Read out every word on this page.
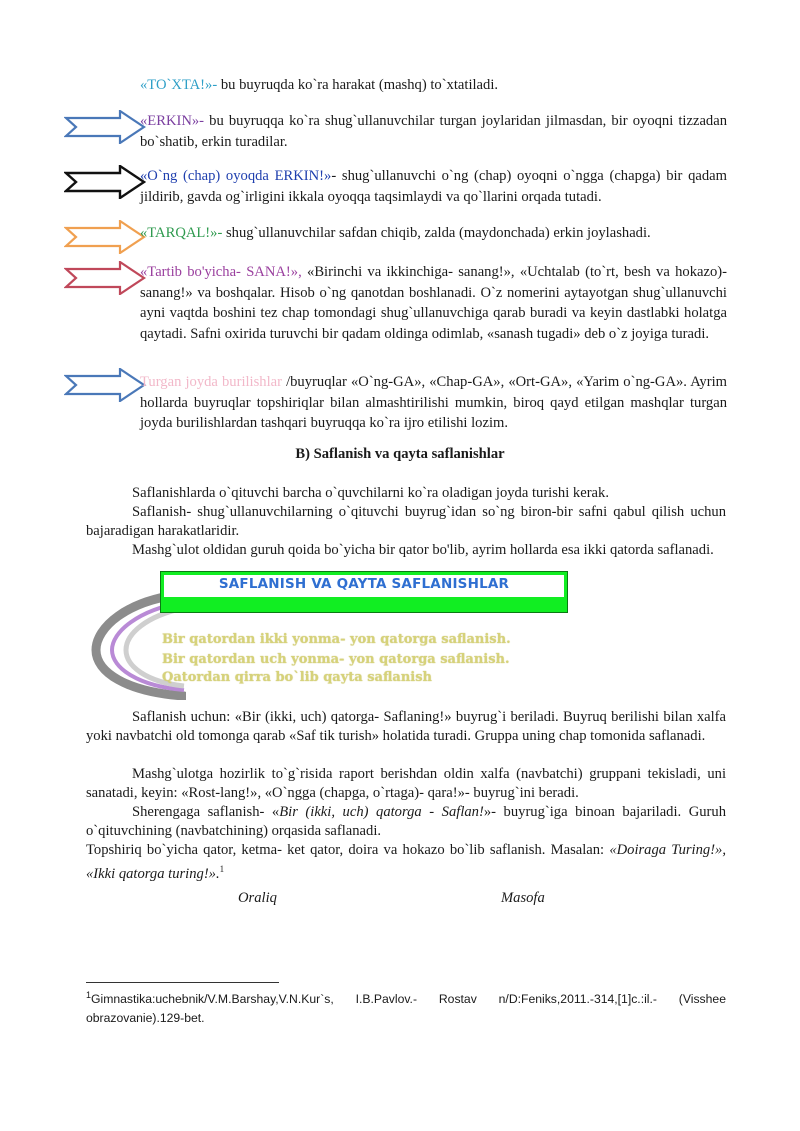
«TO`XTA!»- bu buyruqda ko`ra harakat (mashq) to`xtatiladi.
«ERKIN»- bu buyruqqa ko`ra shug`ullanuvchilar turgan joylaridan jilmasdan, bir oyoqni tizzadan bo`shatib, erkin turadilar.
«O`ng (chap) oyoqda ERKIN!»- shug`ullanuvchi o`ng (chap) oyoqni o`ngga (chapga) bir qadam jildirib, gavda og`irligini ikkala oyoqqa taqsimlaydi va qo`llarini orqada tutadi.
«TARQAL!»- shug`ullanuvchilar safdan chiqib, zalda (maydonchada) erkin joylashadi.
«Tartib bo'yicha- SANA!», «Birinchi va ikkinchiga- sanang!», «Uchtalab (to`rt, besh va hokazo)- sanang!» va boshqalar. Hisob o`ng qanotdan boshlanadi. O`z nomerini aytayotgan shug`ullanuvchi ayni vaqtda boshini tez chap tomondagi shug`ullanuvchiga qarab buradi va keyin dastlabki holatga qaytadi. Safni oxirida turuvchi bir qadam oldinga odimlab, «sanash tugadi» deb o`z joyiga turadi.
Turgan joyda burilishlar /buyruqlar «O`ng-GA», «Chap-GA», «Ort-GA», «Yarim o`ng-GA». Ayrim hollarda buyruqlar topshiriqlar bilan almashtirilishi mumkin, biroq qayd etilgan mashqlar turgan joyda burilishlardan tashqari buyruqqa ko`ra ijro etilishi lozim.
B) Saflanish va qayta saflanishlar
Saflanishlarda o`qituvchi barcha o`quvchilarni ko`ra oladigan joyda turishi kerak.
Saflanish- shug`ullanuvchilarning o`qituvchi buyrug`idan so`ng biron-bir safni qabul qilish uchun bajaradigan harakatlaridir.
Mashg`ulot oldidan guruh qoida bo`yicha bir qator bo'lib, ayrim hollarda esa ikki qatorda saflanadi.
SAFLANISH VA QAYTA SAFLANISHLAR
Bir qatordan ikki yonma- yon qatorga saflanish.
Bir qatordan uch yonma- yon qatorga saflanish.
Qatordan qirra bo`lib qayta saflanish
Saflanish uchun: «Bir (ikki, uch) qatorga- Saflaning!» buyrug`i beriladi. Buyruq berilishi bilan xalfa yoki navbatchi old tomonga qarab «Saf tik turish» holatida turadi. Gruppa uning chap tomonida saflanadi.
Mashg`ulotga hozirlik to`g`risida raport berishdan oldin xalfa (navbatchi) gruppani tekisladi, uni sanatadi, keyin: «Rost-lang!», «O`ngga (chapga, o`rtaga)- qara!»- buyrug`ini beradi.
Sherengaga saflanish- «Bir (ikki, uch) qatorga - Saflan!»- buyrug`iga binoan bajariladi. Guruh o`qituvchining (navbatchining) orqasida saflanadi.
Topshiriq bo`yicha qator, ketma- ket qator, doira va hokazo bo`lib saflanish. Masalan: «Doiraga Turing!», «Ikki qatorga turing!».$^1$
Oraliq	Masofa
$^1$Gimnastika:uchebnik/V.M.Barshay,V.N.Kur`s, I.B.Pavlov.- Rostav n/D:Feniks,2011.-314,[1]c.:il.- (Visshee obrazovanie).129-bet.
